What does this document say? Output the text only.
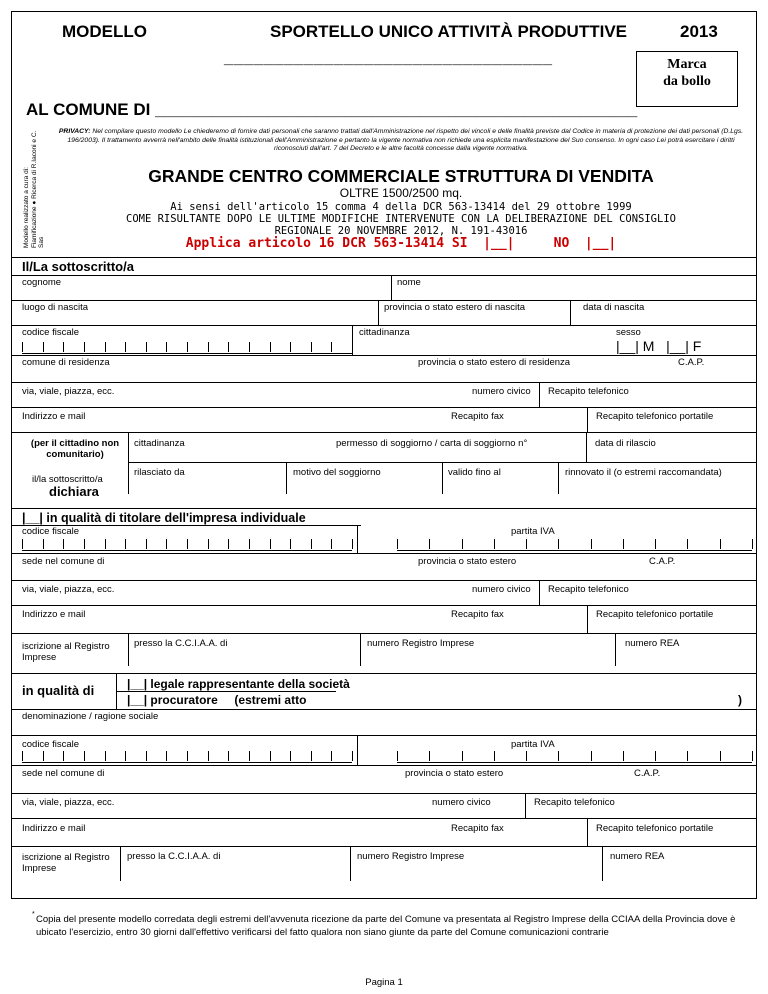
MODELLO	SPORTELLO UNICO ATTIVITÀ PRODUTTIVE	2013
_________________________________	Marca
da bollo
AL COMUNE DI ___________________________________________________
Modello realizzato a cura di: Fiamificazione ● Ricerca di R.Iaconi e C. Sas
PRIVACY: Nel compilare questo modello Le chiederemo di fornire dati personali che saranno trattati dall'Amministrazione nel rispetto dei vincoli e delle finalità previste dal Codice in materia di protezione dei dati personali (D.Lgs. 196/2003). Il trattamento avverrà nell'ambito delle finalità istituzionali dell'Amministrazione e pertanto la vigente normativa non richiede una esplicita manifestazione del Suo consenso. In ogni caso Lei potrà esercitare i diritti riconosciuti dall'art. 7 del Decreto e le altre facoltà concesse dalla vigente normativa.
GRANDE CENTRO COMMERCIALE STRUTTURA DI VENDITA
OLTRE 1500/2500 mq.
Ai sensi dell'articolo 15 comma 4 della DCR 563-13414 del 29 ottobre 1999
COME RISULTANTE DOPO LE ULTIME MODIFICHE INTERVENUTE CON LA DELIBERAZIONE DEL CONSIGLIO
REGIONALE 20 NOVEMBRE 2012, N. 191-43016
Applica articolo 16 DCR 563-13414 SI  |__|     NO  |__|
Il/La sottoscritto/a
cognome	nome
luogo di nascita	provincia o stato estero di nascita	data di nascita
codice fiscale	cittadinanza	sesso
|__| M   |__| F
comune di residenza	provincia o stato estero di residenza	C.A.P.
via, viale, piazza, ecc.	numero civico Recapito telefonico
Indirizzo e mail	Recapito fax	Recapito telefonico portatile
(per il cittadino non comunitario)
cittadinanza	permesso di soggiorno / carta di soggiorno n°	data di rilascio
il/la sottoscritto/a
dichiara
rilasciato da	motivo del soggiorno	valido fino al	rinnovato il (o estremi raccomandata)
|__| in qualità di titolare dell'impresa individuale
codice fiscale	partita IVA
sede nel comune di	provincia o stato estero	C.A.P.
via, viale, piazza, ecc.	numero civico Recapito telefonico
Indirizzo e mail	Recapito fax	Recapito telefonico portatile
iscrizione al Registro Imprese
presso la C.C.I.A.A. di	numero Registro Imprese	numero REA
in qualità di	|__| legale rappresentante della società
|__| procuratore     (estremi atto	)
denominazione / ragione sociale
codice fiscale	partita IVA
sede nel comune di	provincia o stato estero	C.A.P.
via, viale, piazza, ecc.	numero civico	Recapito telefonico
Indirizzo e mail	Recapito fax	Recapito telefonico portatile
iscrizione al Registro Imprese
presso la C.C.I.A.A. di	numero Registro Imprese	numero REA
* Copia del presente modello corredata degli estremi dell'avvenuta ricezione da parte del Comune va presentata al Registro Imprese della CCIAA della Provincia dove è ubicato l'esercizio, entro 30 giorni dall'effettivo verificarsi del fatto qualora non siano giunte da parte del Comune comunicazioni contrarie
Pagina 1
